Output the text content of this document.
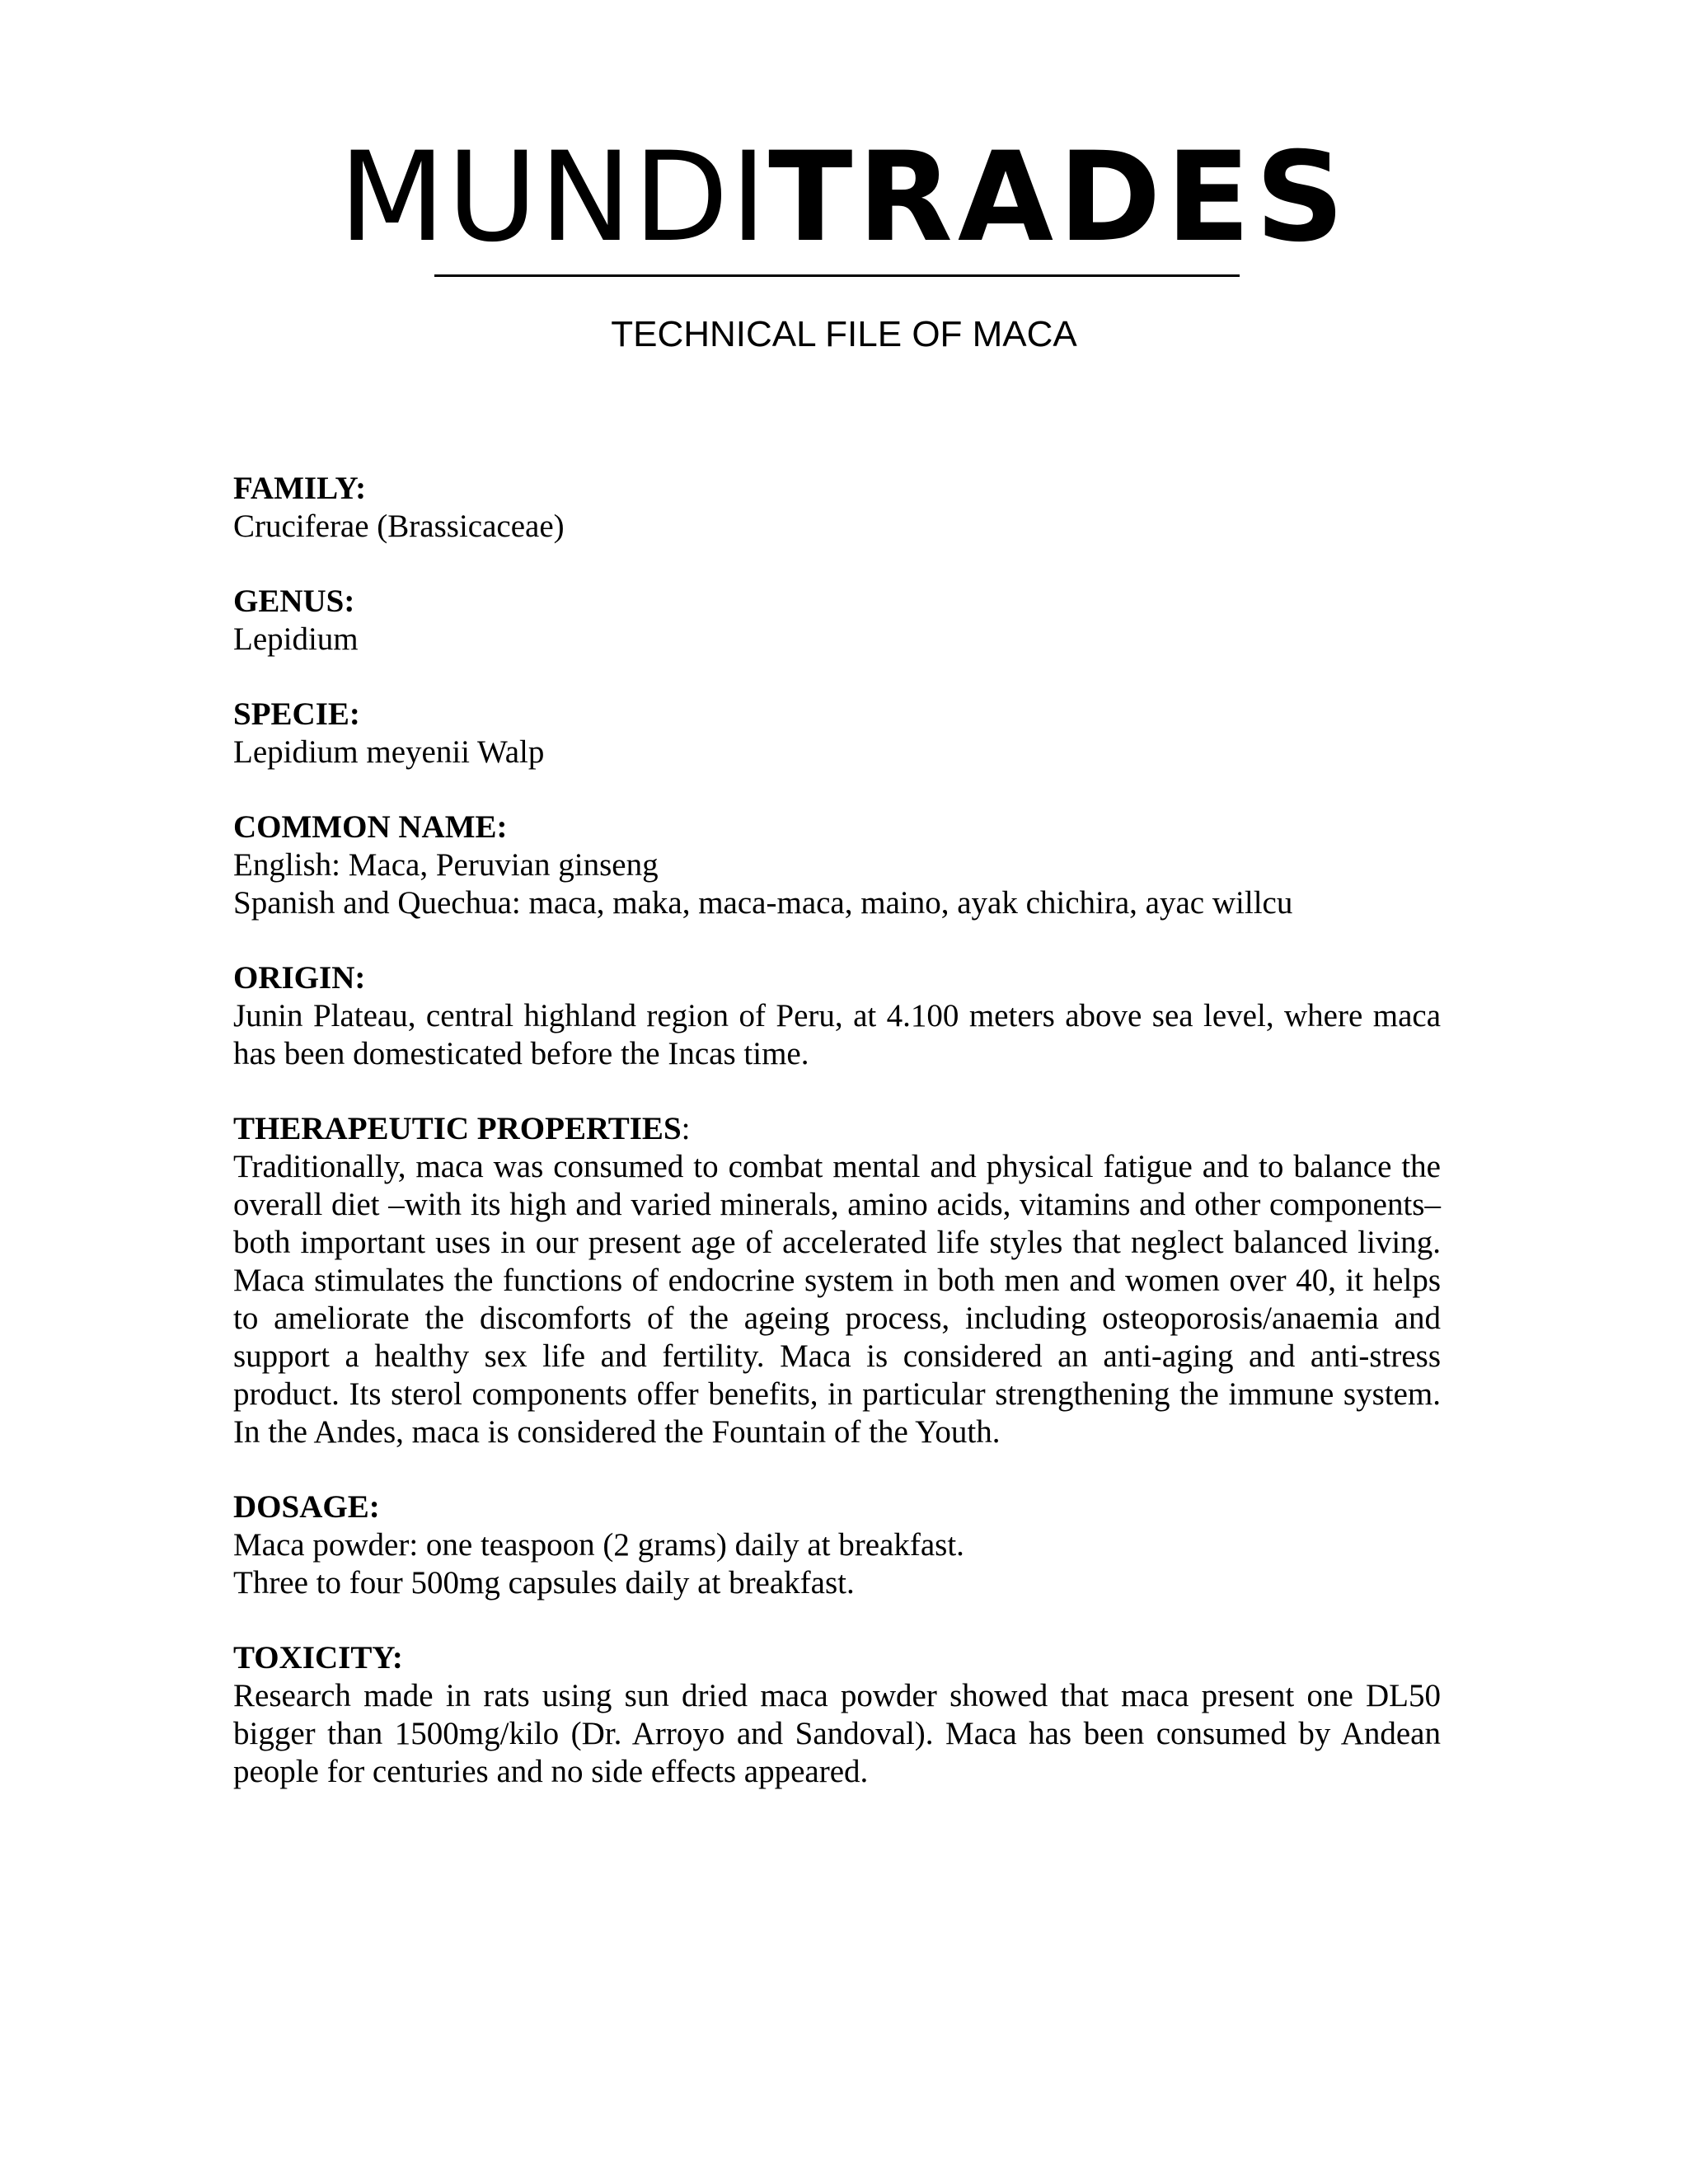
MUNDITRADES
TECHNICAL FILE OF MACA
FAMILY:

Cruciferae (Brassicaceae)

GENUS:

Lepidium

SPECIE:

Lepidium meyenii Walp

COMMON NAME:

English: Maca, Peruvian ginseng

Spanish and Quechua: maca, maka, maca-maca, maino, ayak chichira, ayac willcu

ORIGIN:

Junin Plateau, central highland region of Peru, at 4.100 meters above sea level, where maca has been domesticated before the Incas time.

THERAPEUTIC PROPERTIES:

Traditionally, maca was consumed to combat mental and physical fatigue and to balance the overall diet –with its high and varied minerals, amino acids, vitamins and other components– both important uses in our present age of accelerated life styles that neglect balanced living. Maca stimulates the functions of endocrine system in both men and women over 40, it helps to ameliorate the discomforts of the ageing process, including osteoporosis/anaemia and support a healthy sex life and fertility. Maca is considered an anti-aging and anti-stress product. Its sterol components offer benefits, in particular strengthening the immune system. In the Andes, maca is considered the Fountain of the Youth.

DOSAGE:

Maca powder: one teaspoon (2 grams) daily at breakfast.

Three to four 500mg capsules daily at breakfast.

TOXICITY:

Research made in rats using sun dried maca powder showed that maca present one DL50 bigger than 1500mg/kilo (Dr. Arroyo and Sandoval). Maca has been consumed by Andean people for centuries and no side effects appeared.
